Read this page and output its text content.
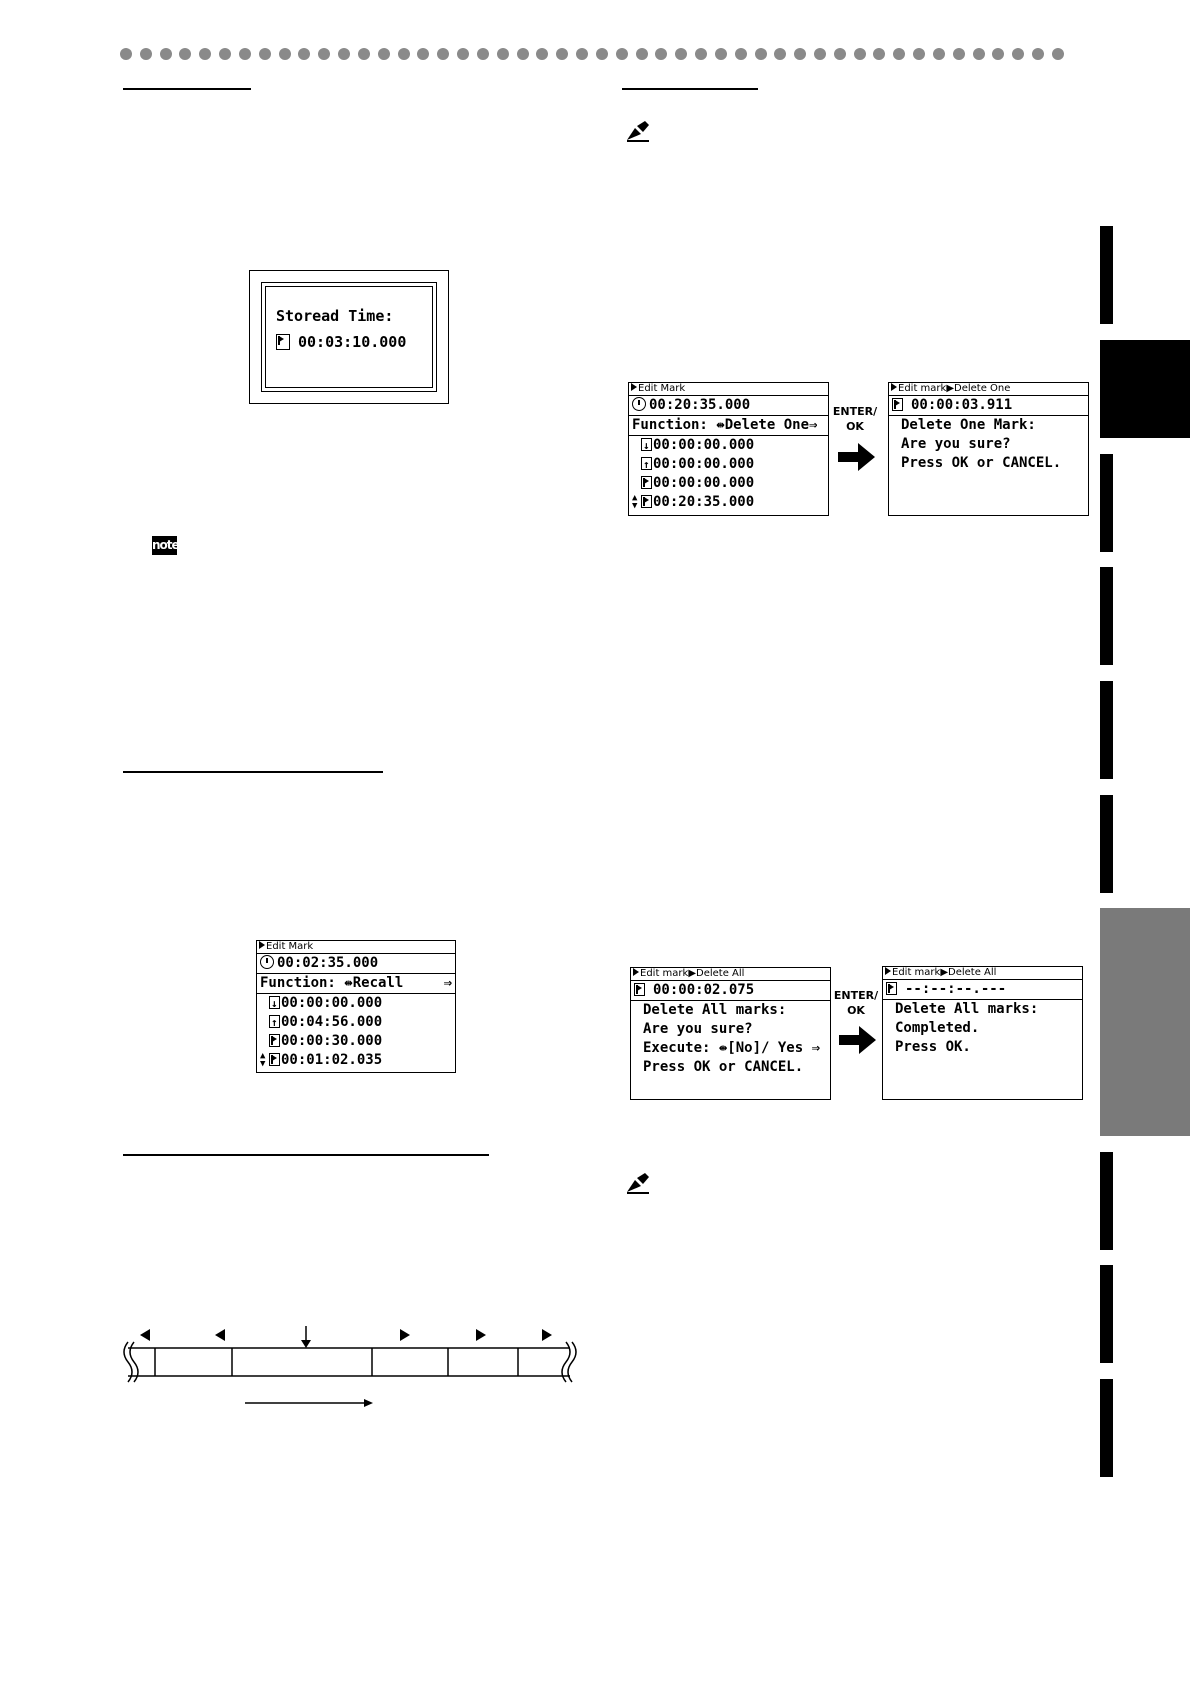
note
Storead Time:
00:03:10.000
Edit Mark
00:02:35.000
Function: ⇼Recall	⇒
↓00:00:00.000
↑00:04:56.000
00:00:30.000
▲
▼ 00:01:02.035
Edit Mark
00:20:35.000
Function: ⇼Delete One⇒
↓00:00:00.000
↑00:00:00.000
00:00:00.000
▲
▼ 00:20:35.000
ENTER/
OK
Edit mark▶Delete One
00:00:03.911
Delete One Mark:
Are you sure?
Press OK or CANCEL.
Edit mark▶Delete All
00:00:02.075
Delete All marks:
Are you sure?
Execute: ⇼[No]/ Yes ⇒
Press OK or CANCEL.
ENTER/
OK
Edit mark▶Delete All
--:--:--.---
Delete All marks:
Completed.
Press OK.
